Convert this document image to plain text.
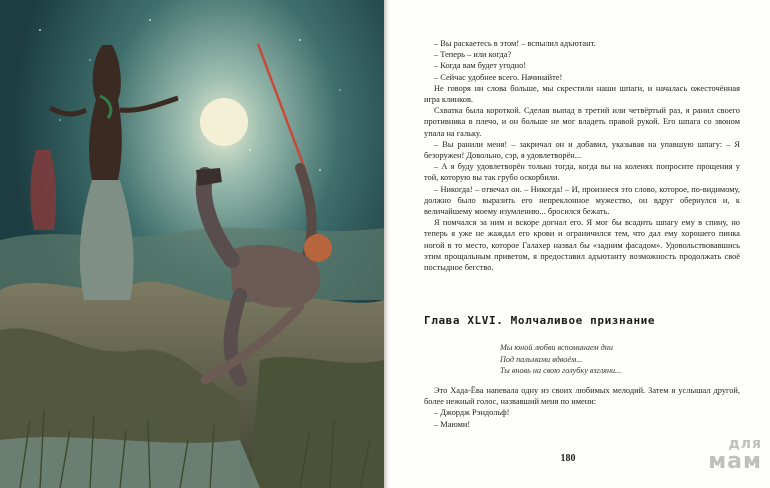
– Вы раскаетесь в этом! – вспылил адъютант.

– Теперь – или когда?

– Когда вам будет угодно!

– Сейчас удобнее всего. Начинайте!

Не говоря ни слова больше, мы скрестили наши шпаги, и началась ожесточённая игра клинков.

Схватка была короткой. Сделав выпад в третий или четвёртый раз, я ранил своего противника в плечо, и он больше не мог владеть правой рукой. Его шпага со звоном упала на гальку.

– Вы ранили меня! – закричал он и добавил, указывая на упавшую шпагу: – Я безоружен! Довольно, сэр, я удовлетворён...

– А я буду удовлетворён только тогда, когда вы на коленях попросите прощения у той, которую вы так грубо оскорбили.

– Никогда! – отвечал он. – Никогда! – И, произнеся это слово, которое, по-видимому, должно было выразить его непреклонное мужество, он вдруг обернулся и, к величайшему моему изумлению... бросился бежать.

Я помчался за ним и вскоре догнал его. Я мог бы всадить шпагу ему в спину, но теперь я уже не жаждал его крови и ограничился тем, что дал ему хорошего пинка ногой в то место, которое Галахер назвал бы «задним фасадом». Удовольствовавшись этим прощальным приветом, я предоставил адъютанту возможность продолжать своё постыдное бегство.

Глава XLVI. Молчаливое признание
Мы юной любви вспоминаем дни
Под пальмами вдвоём...
Ты вновь на свою голубку взгляни...

Это Хада-Ёва напевала одну из своих любимых мелодий. Затем я услышал другой, более нежный голос, назвавший меня по имени:

– Джордж Рэндольф!

– Маюми!

180
для
мам
